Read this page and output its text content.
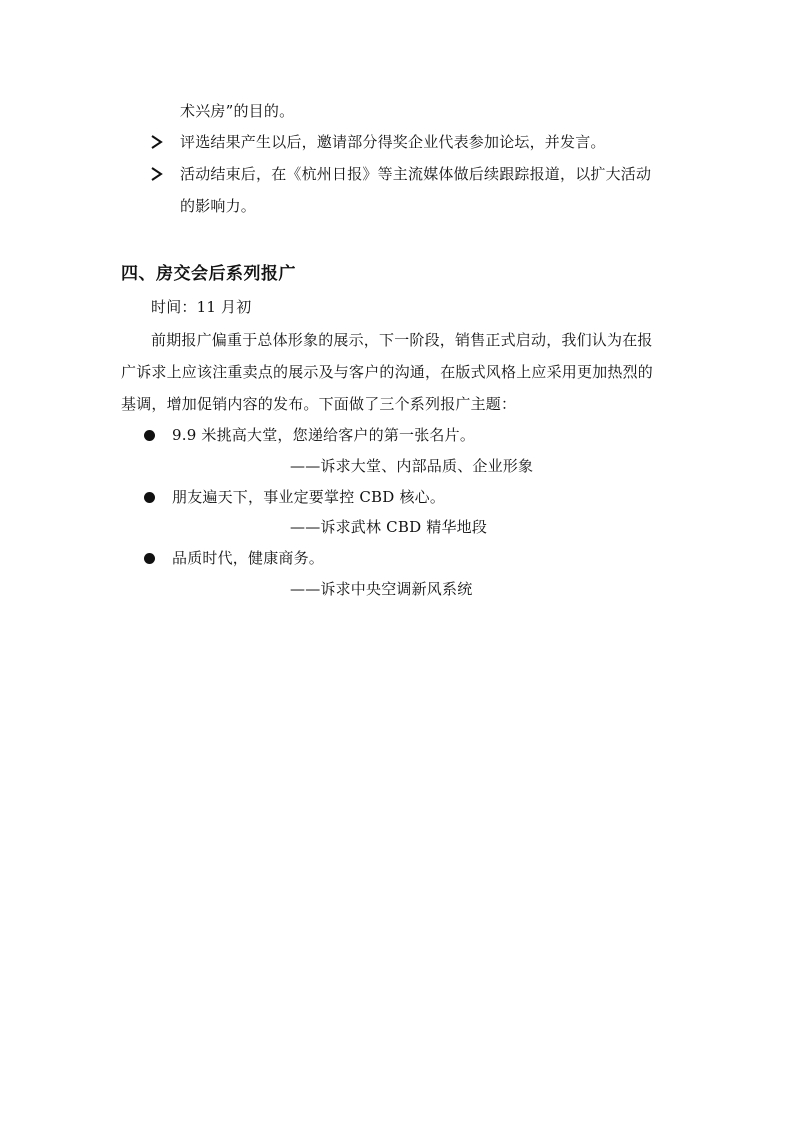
术兴房”的目的。
评选结果产生以后，邀请部分得奖企业代表参加论坛，并发言。
活动结束后，在《杭州日报》等主流媒体做后续跟踪报道，以扩大活动
的影响力。
四、房交会后系列报广
时间：11 月初
前期报广偏重于总体形象的展示，下一阶段，销售正式启动，我们认为在报
广诉求上应该注重卖点的展示及与客户的沟通，在版式风格上应采用更加热烈的
基调，增加促销内容的发布。下面做了三个系列报广主题：
9.9 米挑高大堂，您递给客户的第一张名片。
——诉求大堂、内部品质、企业形象
朋友遍天下，事业定要掌控 CBD 核心。
——诉求武林 CBD 精华地段
品质时代，健康商务。
——诉求中央空调新风系统
